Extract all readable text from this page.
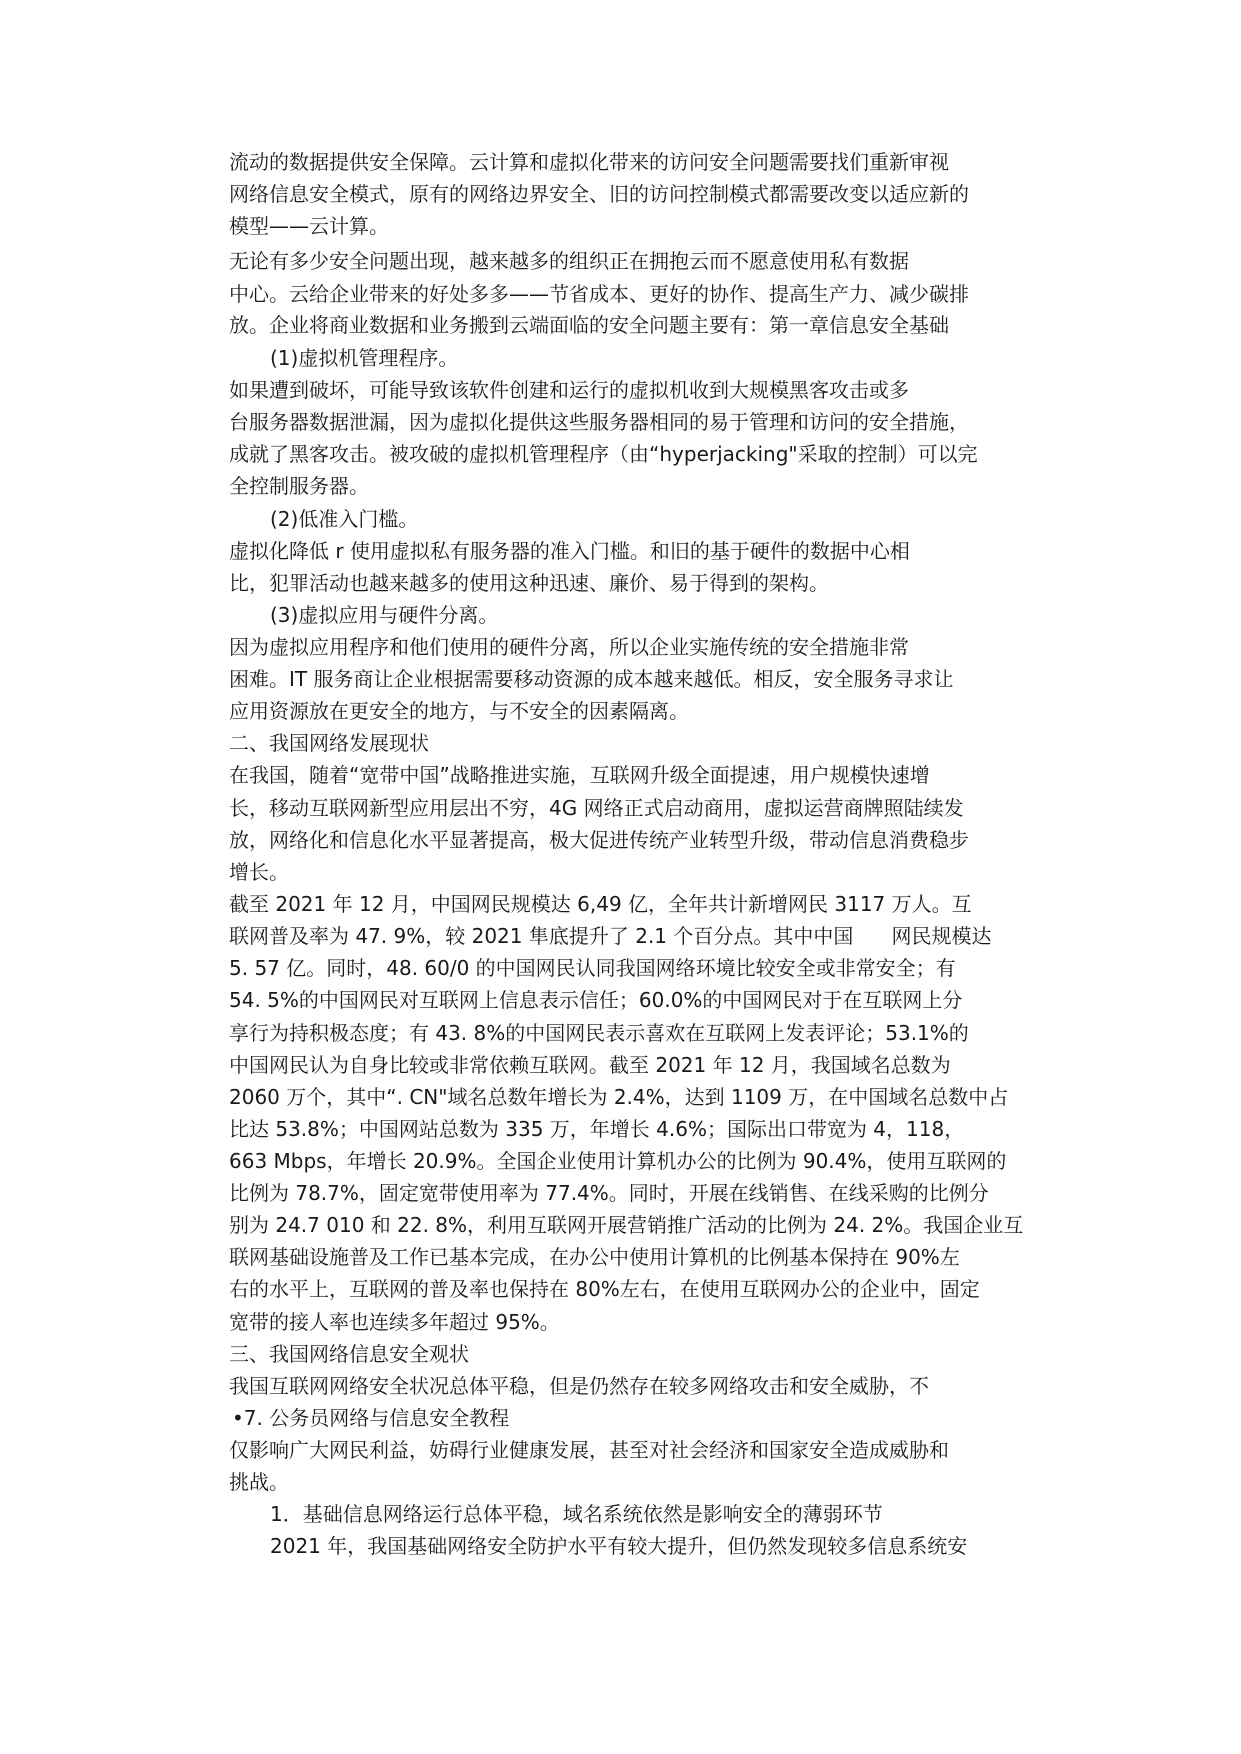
流动的数据提供安全保障。云计算和虚拟化带来的访问安全问题需要找们重新审视
网络信息安全模式，原有的网络边界安全、旧的访问控制模式都需要改变以适应新的
模型——云计算。
无论有多少安全问题出现，越来越多的组织正在拥抱云而不愿意使用私有数据
中心。云给企业带来的好处多多——节省成本、更好的协作、提高生产力、减少碳排
放。企业将商业数据和业务搬到云端面临的安全问题主要有：第一章信息安全基础
(1)虚拟机管理程序。
如果遭到破坏，可能导致该软件创建和运行的虚拟机收到大规模黑客攻击或多
台服务器数据泄漏，因为虚拟化提供这些服务器相同的易于管理和访问的安全措施，
成就了黑客攻击。被攻破的虚拟机管理程序（由“hyperjacking"采取的控制）可以完
全控制服务器。
(2)低准入门槛。
虚拟化降低 r 使用虚拟私有服务器的准入门槛。和旧的基于硬件的数据中心相
比，犯罪活动也越来越多的使用这种迅速、廉价、易于得到的架构。
(3)虚拟应用与硬件分离。
因为虚拟应用程序和他们使用的硬件分离，所以企业实施传统的安全措施非常
困难。IT 服务商让企业根据需要移动资源的成本越来越低。相反，安全服务寻求让
应用资源放在更安全的地方，与不安全的因素隔离。
二、我国网络发展现状
在我国，随着“宽带中国”战略推进实施，互联网升级全面提速，用户规模快速增
长，移动互联网新型应用层出不穷，4G 网络正式启动商用，虚拟运营商牌照陆续发
放，网络化和信息化水平显著提高，极大促进传统产业转型升级，带动信息消费稳步
增长。
截至 2021 年 12 月，中国网民规模达 6,49 亿，全年共计新增网民 3117 万人。互
联网普及率为 47. 9%，较 2021 隼底提升了 2.1 个百分点。其中中国      网民规模达
5. 57 亿。同时，48. 60/0 的中国网民认同我国网络环境比较安全或非常安全；有
54. 5%的中国网民对互联网上信息表示信任；60.0%的中国网民对于在互联网上分
享行为持积极态度；有 43. 8%的中国网民表示喜欢在互联网上发表评论；53.1%的
中国网民认为自身比较或非常依赖互联网。截至 2021 年 12 月，我国域名总数为
2060 万个，其中“. CN"域名总数年增长为 2.4%，达到 1109 万，在中国域名总数中占
比达 53.8%；中国网站总数为 335 万，年增长 4.6%；国际出口带宽为 4，118，
663 Mbps，年增长 20.9%。全国企业使用计算机办公的比例为 90.4%，使用互联网的
比例为 78.7%，固定宽带使用率为 77.4%。同时，开展在线销售、在线采购的比例分
别为 24.7 010 和 22. 8%，利用互联网开展营销推广活动的比例为 24. 2%。我国企业互
联网基础设施普及工作已基本完成，在办公中使用计算机的比例基本保持在 90%左
右的水平上，互联网的普及率也保持在 80%左右，在使用互联网办公的企业中，固定
宽带的接人率也连续多年超过 95%。
三、我国网络信息安全观状
我国互联网网络安全状况总体平稳，但是仍然存在较多网络攻击和安全威胁，不
•7. 公务员网络与信息安全教程
仅影响广大网民利益，妨碍行业健康发展，甚至对社会经济和国家安全造成威胁和
挑战。
1．基础信息网络运行总体平稳，域名系统依然是影响安全的薄弱环节
2021 年，我国基础网络安全防护水平有较大提升，但仍然发现较多信息系统安
